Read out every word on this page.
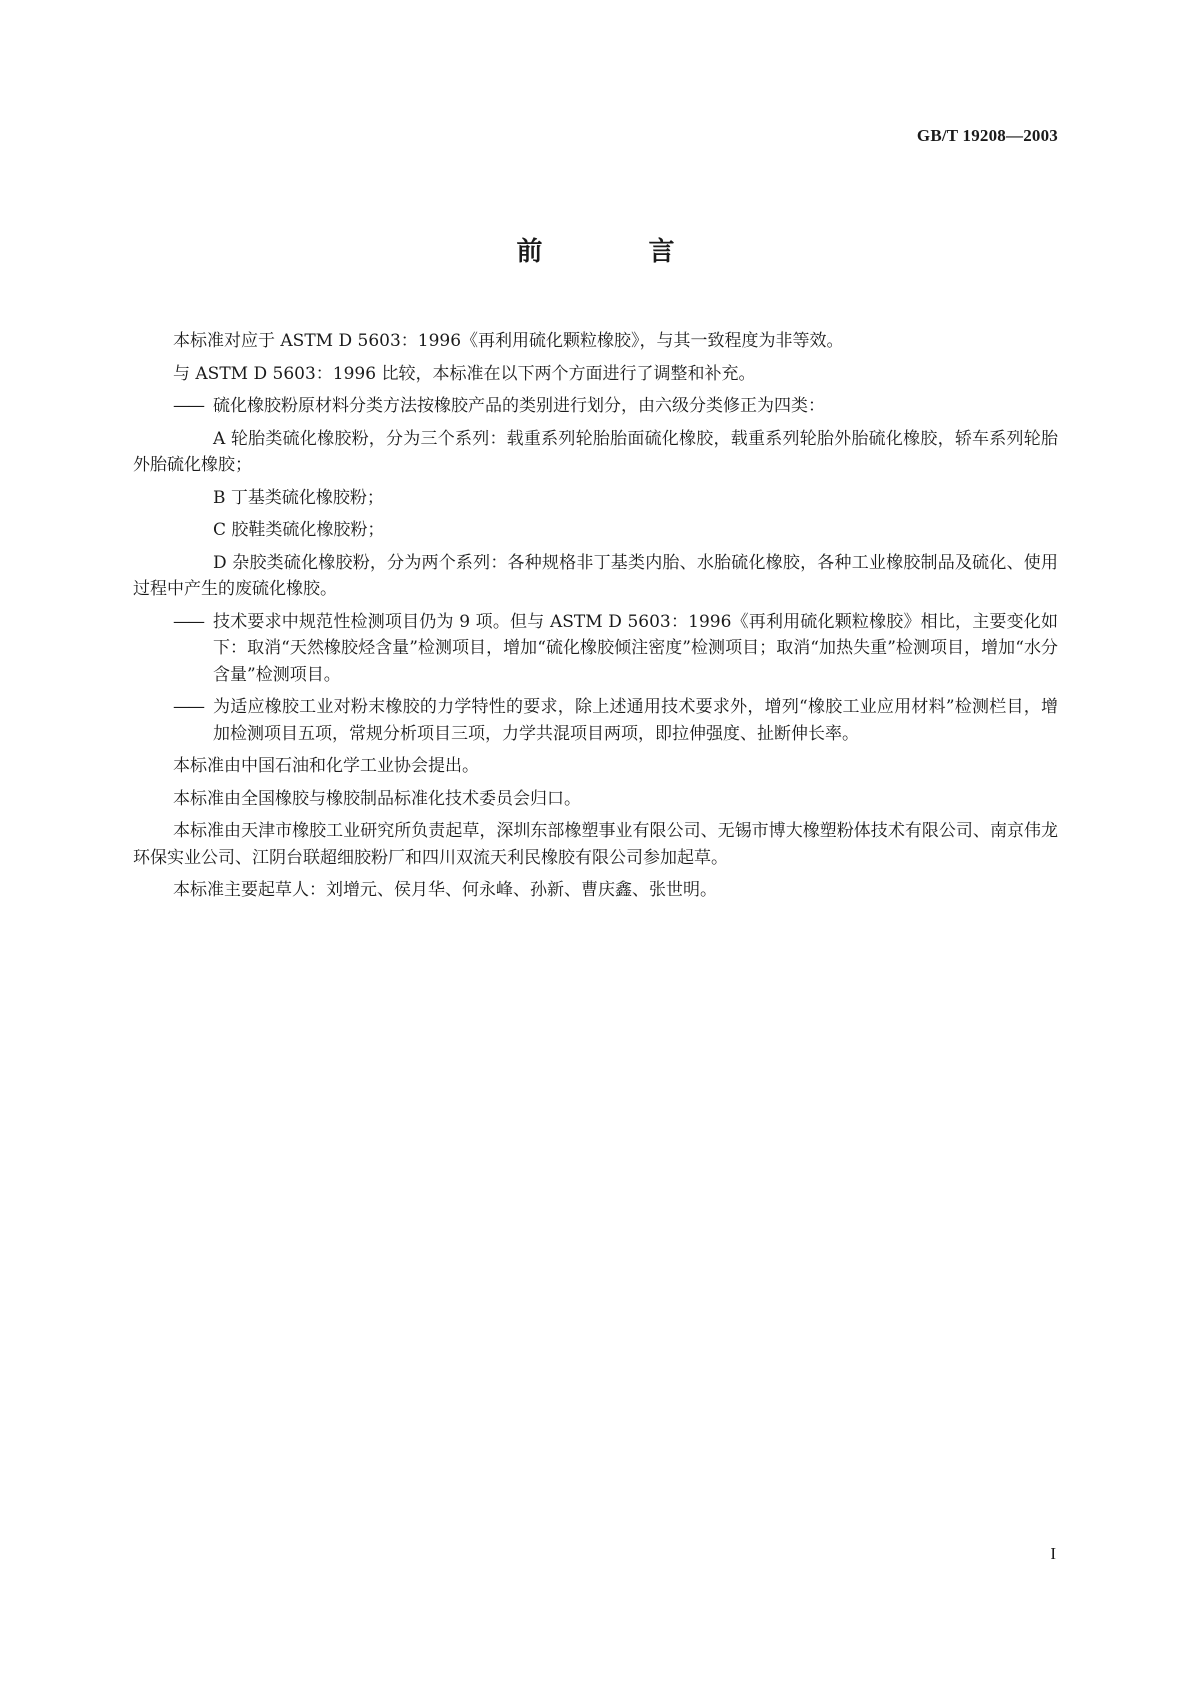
GB/T 19208—2003
前　言

本标准对应于 ASTM D 5603：1996《再利用硫化颗粒橡胶》，与其一致程度为非等效。

与 ASTM D 5603：1996 比较，本标准在以下两个方面进行了调整和补充。

—— 硫化橡胶粉原材料分类方法按橡胶产品的类别进行划分，由六级分类修正为四类：

A 轮胎类硫化橡胶粉，分为三个系列：载重系列轮胎胎面硫化橡胶，载重系列轮胎外胎硫化橡胶，轿车系列轮胎外胎硫化橡胶；

B 丁基类硫化橡胶粉；

C 胶鞋类硫化橡胶粉；

D 杂胶类硫化橡胶粉，分为两个系列：各种规格非丁基类内胎、水胎硫化橡胶，各种工业橡胶制品及硫化、使用过程中产生的废硫化橡胶。

—— 技术要求中规范性检测项目仍为 9 项。但与 ASTM D 5603：1996《再利用硫化颗粒橡胶》相比，主要变化如下：取消“天然橡胶烃含量”检测项目，增加“硫化橡胶倾注密度”检测项目；取消“加热失重”检测项目，增加“水分含量”检测项目。
—— 为适应橡胶工业对粉末橡胶的力学特性的要求，除上述通用技术要求外，增列“橡胶工业应用材料”检测栏目，增加检测项目五项，常规分析项目三项，力学共混项目两项，即拉伸强度、扯断伸长率。

本标准由中国石油和化学工业协会提出。

本标准由全国橡胶与橡胶制品标准化技术委员会归口。

本标准由天津市橡胶工业研究所负责起草，深圳东部橡塑事业有限公司、无锡市博大橡塑粉体技术有限公司、南京伟龙环保实业公司、江阴台联超细胶粉厂和四川双流天利民橡胶有限公司参加起草。

本标准主要起草人：刘增元、侯月华、何永峰、孙新、曹庆鑫、张世明。

I
